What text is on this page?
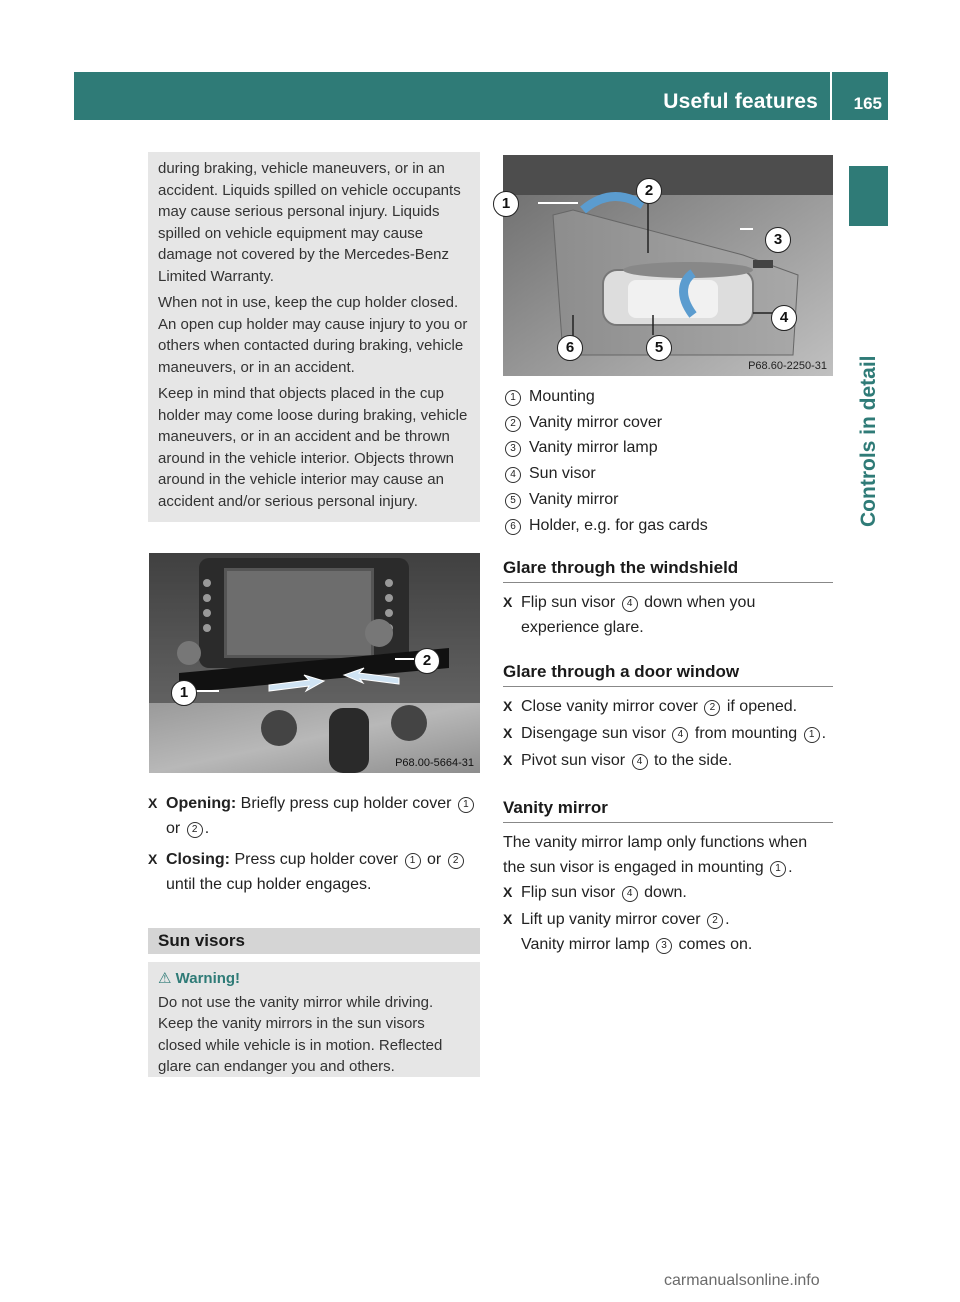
Useful features 165
Controls in detail

during braking, vehicle maneuvers, or in an accident. Liquids spilled on vehicle occupants may cause serious personal injury. Liquids spilled on vehicle equipment may cause damage not covered by the Mercedes-Benz Limited Warranty.

When not in use, keep the cup holder closed. An open cup holder may cause injury to you or others when contacted during braking, vehicle maneuvers, or in an accident.

Keep in mind that objects placed in the cup holder may come loose during braking, vehicle maneuvers, or in an accident and be thrown around in the vehicle interior. Objects thrown around in the vehicle interior may cause an accident and/or serious personal injury.

1
2
P68.00-5664-31
X Opening: Briefly press cup holder cover 1 or 2 .
X Closing: Press cup holder cover 1 or 2 until the cup holder engages.
Sun visors
⚠ Warning!
Do not use the vanity mirror while driving. Keep the vanity mirrors in the sun visors closed while vehicle is in motion. Reflected glare can endanger you and others.
1
2
3
4
5
6
P68.60-2250-31
1 Mounting
2 Vanity mirror cover
3 Vanity mirror lamp
4 Sun visor
5 Vanity mirror
6 Holder, e.g. for gas cards
Glare through the windshield
X Flip sun visor 4 down when you experience glare.
Glare through a door window
X Close vanity mirror cover 2 if opened.
X Disengage sun visor 4 from mounting 1 .
X Pivot sun visor 4 to the side.
Vanity mirror
The vanity mirror lamp only functions when the sun visor is engaged in mounting 1 .
X Flip sun visor 4 down.
X Lift up vanity mirror cover 2 .
Vanity mirror lamp 3 comes on.
carmanualsonline.info
